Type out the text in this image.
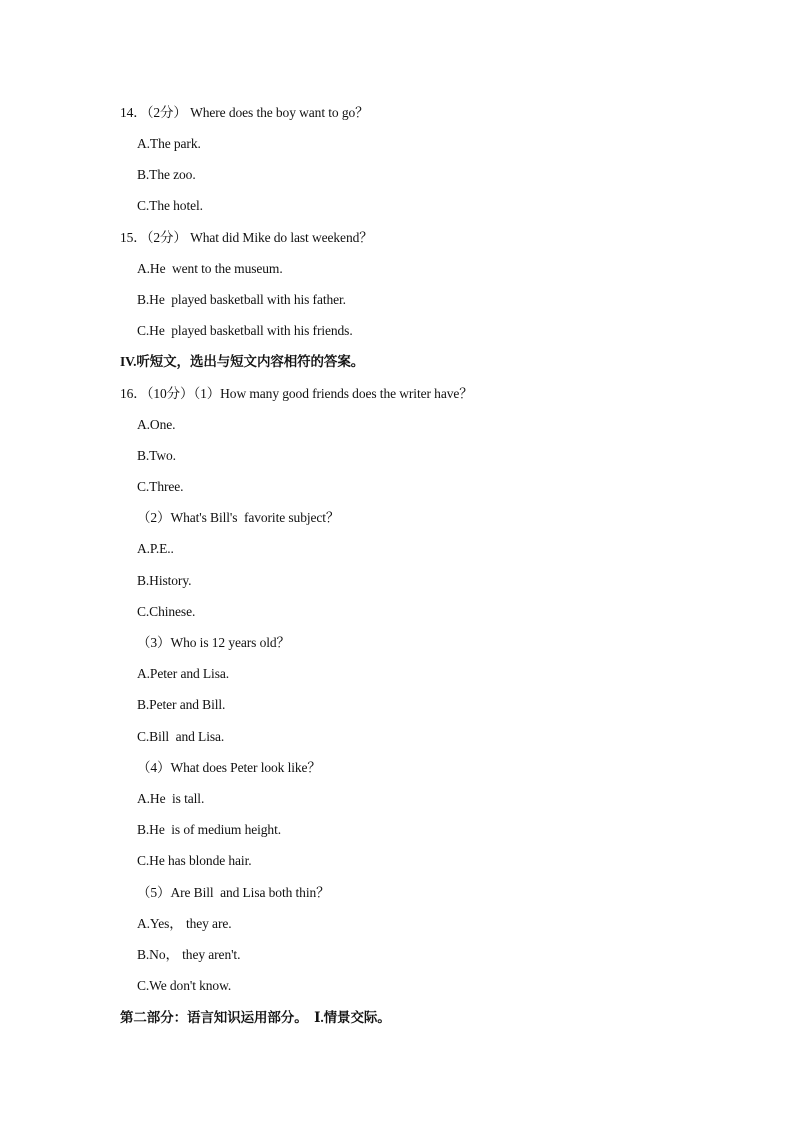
14．（2分） Where does the boy want to go？
A.The park.
B.The zoo.
C.The hotel.
15．（2分） What did Mike do last weekend？
A.He  went to the museum.
B.He  played basketball with his father.
C.He  played basketball with his friends.
IV.听短文，选出与短文内容相符的答案。
16．（10分）（1）How many good friends does the writer have？
A.One.
B.Two.
C.Three.
（2）What's Bill's  favorite subject？
A.P.E..
B.History.
C.Chinese.
（3）Who is 12 years old？
A.Peter and Lisa.
B.Peter and Bill.
C.Bill  and Lisa.
（4）What does Peter look like？
A.He  is tall.
B.He  is of medium height.
C.He has blonde hair.
（5）Are Bill  and Lisa both thin？
A.Yes， they are.
B.No， they aren't.
C.We don't know.
第二部分：语言知识运用部分。  Ⅰ.情景交际。
